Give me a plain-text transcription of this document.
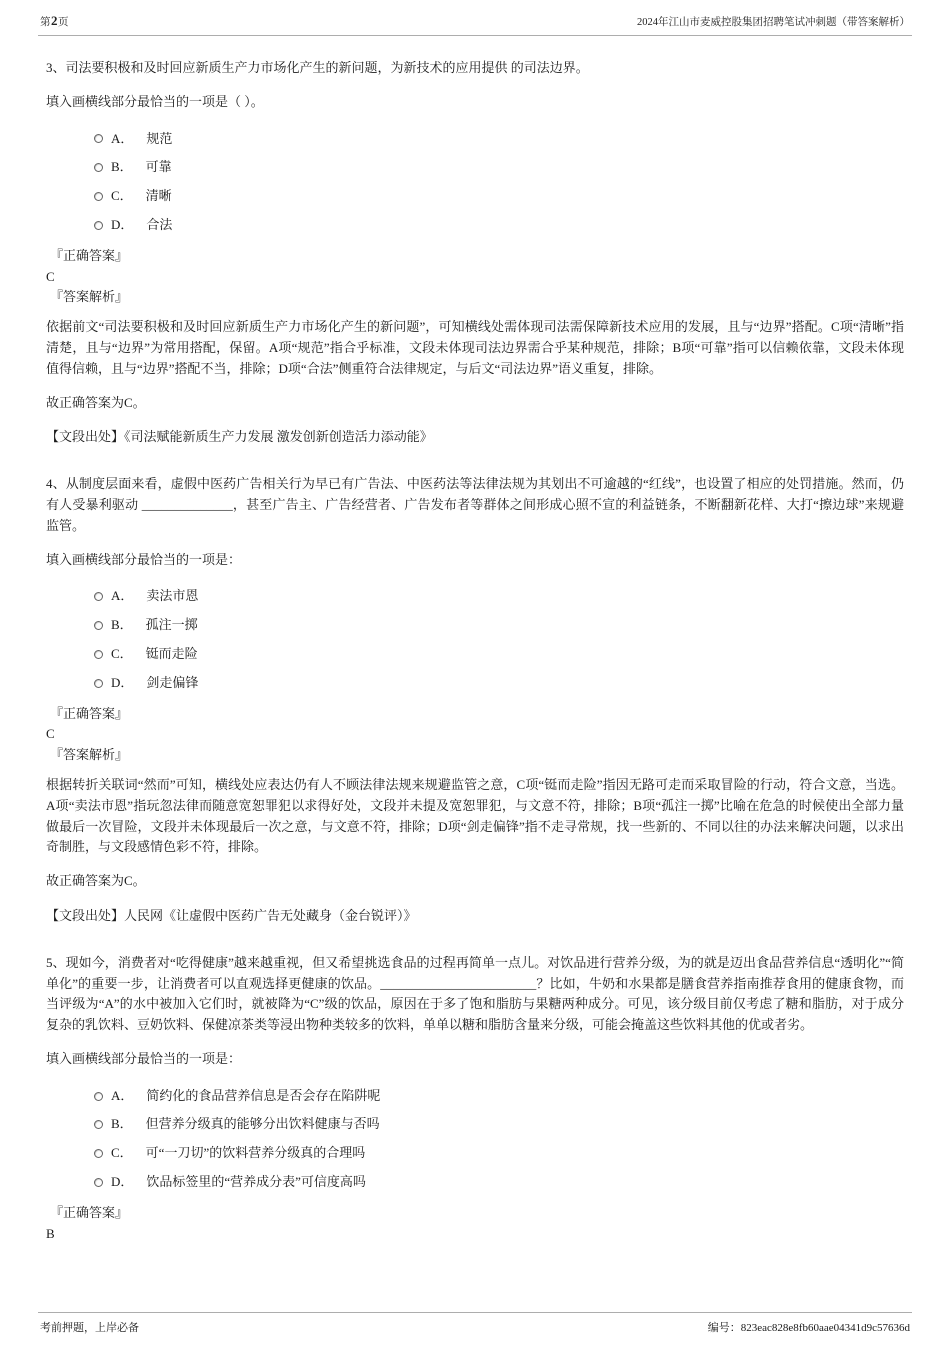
第2页	2024年江山市麦威控股集团招聘笔试冲刺题（带答案解析）

3、司法要积极和及时回应新质生产力市场化产生的新问题，为新技术的应用提供 的司法边界。

填入画横线部分最恰当的一项是（ ）。

A． 规范
B． 可靠
C． 清晰
D． 合法

『正确答案』

C

『答案解析』

依据前文“司法要积极和及时回应新质生产力市场化产生的新问题”，可知横线处需体现司法需保障新技术应用的发展，且与“边界”搭配。C项“清晰”指清楚，且与“边界”为常用搭配，保留。A项“规范”指合乎标准，文段未体现司法边界需合乎某种规范，排除；B项“可靠”指可以信赖依靠，文段未体现值得信赖，且与“边界”搭配不当，排除；D项“合法”侧重符合法律规定，与后文“司法边界”语义重复，排除。

故正确答案为C。

【文段出处】《司法赋能新质生产力发展 激发创新创造活力添动能》

4、从制度层面来看，虚假中医药广告相关行为早已有广告法、中医药法等法律法规为其划出不可逾越的“红线”，也设置了相应的处罚措施。然而，仍有人受暴利驱动 ______________，甚至广告主、广告经营者、广告发布者等群体之间形成心照不宣的利益链条，不断翻新花样、大打“擦边球”来规避监管。

填入画横线部分最恰当的一项是：

A． 卖法市恩
B． 孤注一掷
C． 铤而走险
D． 剑走偏锋

『正确答案』

C

『答案解析』

根据转折关联词“然而”可知，横线处应表达仍有人不顾法律法规来规避监管之意，C项“铤而走险”指因无路可走而采取冒险的行动，符合文意，当选。A项“卖法市恩”指玩忽法律而随意宽恕罪犯以求得好处，文段并未提及宽恕罪犯，与文意不符，排除；B项“孤注一掷”比喻在危急的时候使出全部力量做最后一次冒险，文段并未体现最后一次之意，与文意不符，排除；D项“剑走偏锋”指不走寻常规，找一些新的、不同以往的办法来解决问题，以求出奇制胜，与文段感情色彩不符，排除。

故正确答案为C。

【文段出处】人民网《让虚假中医药广告无处藏身（金台锐评）》

5、现如今，消费者对“吃得健康”越来越重视，但又希望挑选食品的过程再简单一点儿。对饮品进行营养分级，为的就是迈出食品营养信息“透明化”“简单化”的重要一步，让消费者可以直观选择更健康的饮品。________________________？比如，牛奶和水果都是膳食营养指南推荐食用的健康食物，而当评级为“A”的水中被加入它们时，就被降为“C”级的饮品，原因在于多了饱和脂肪与果糖两种成分。可见，该分级目前仅考虑了糖和脂肪，对于成分复杂的乳饮料、豆奶饮料、保健凉茶类等浸出物种类较多的饮料，单单以糖和脂肪含量来分级，可能会掩盖这些饮料其他的优或者劣。

填入画横线部分最恰当的一项是：

A． 简约化的食品营养信息是否会存在陷阱呢
B． 但营养分级真的能够分出饮料健康与否吗
C． 可“一刀切”的饮料营养分级真的合理吗
D． 饮品标签里的“营养成分表”可信度高吗

『正确答案』

B

考前押题，上岸必备	编号：823eac828e8fb60aae04341d9c57636d
